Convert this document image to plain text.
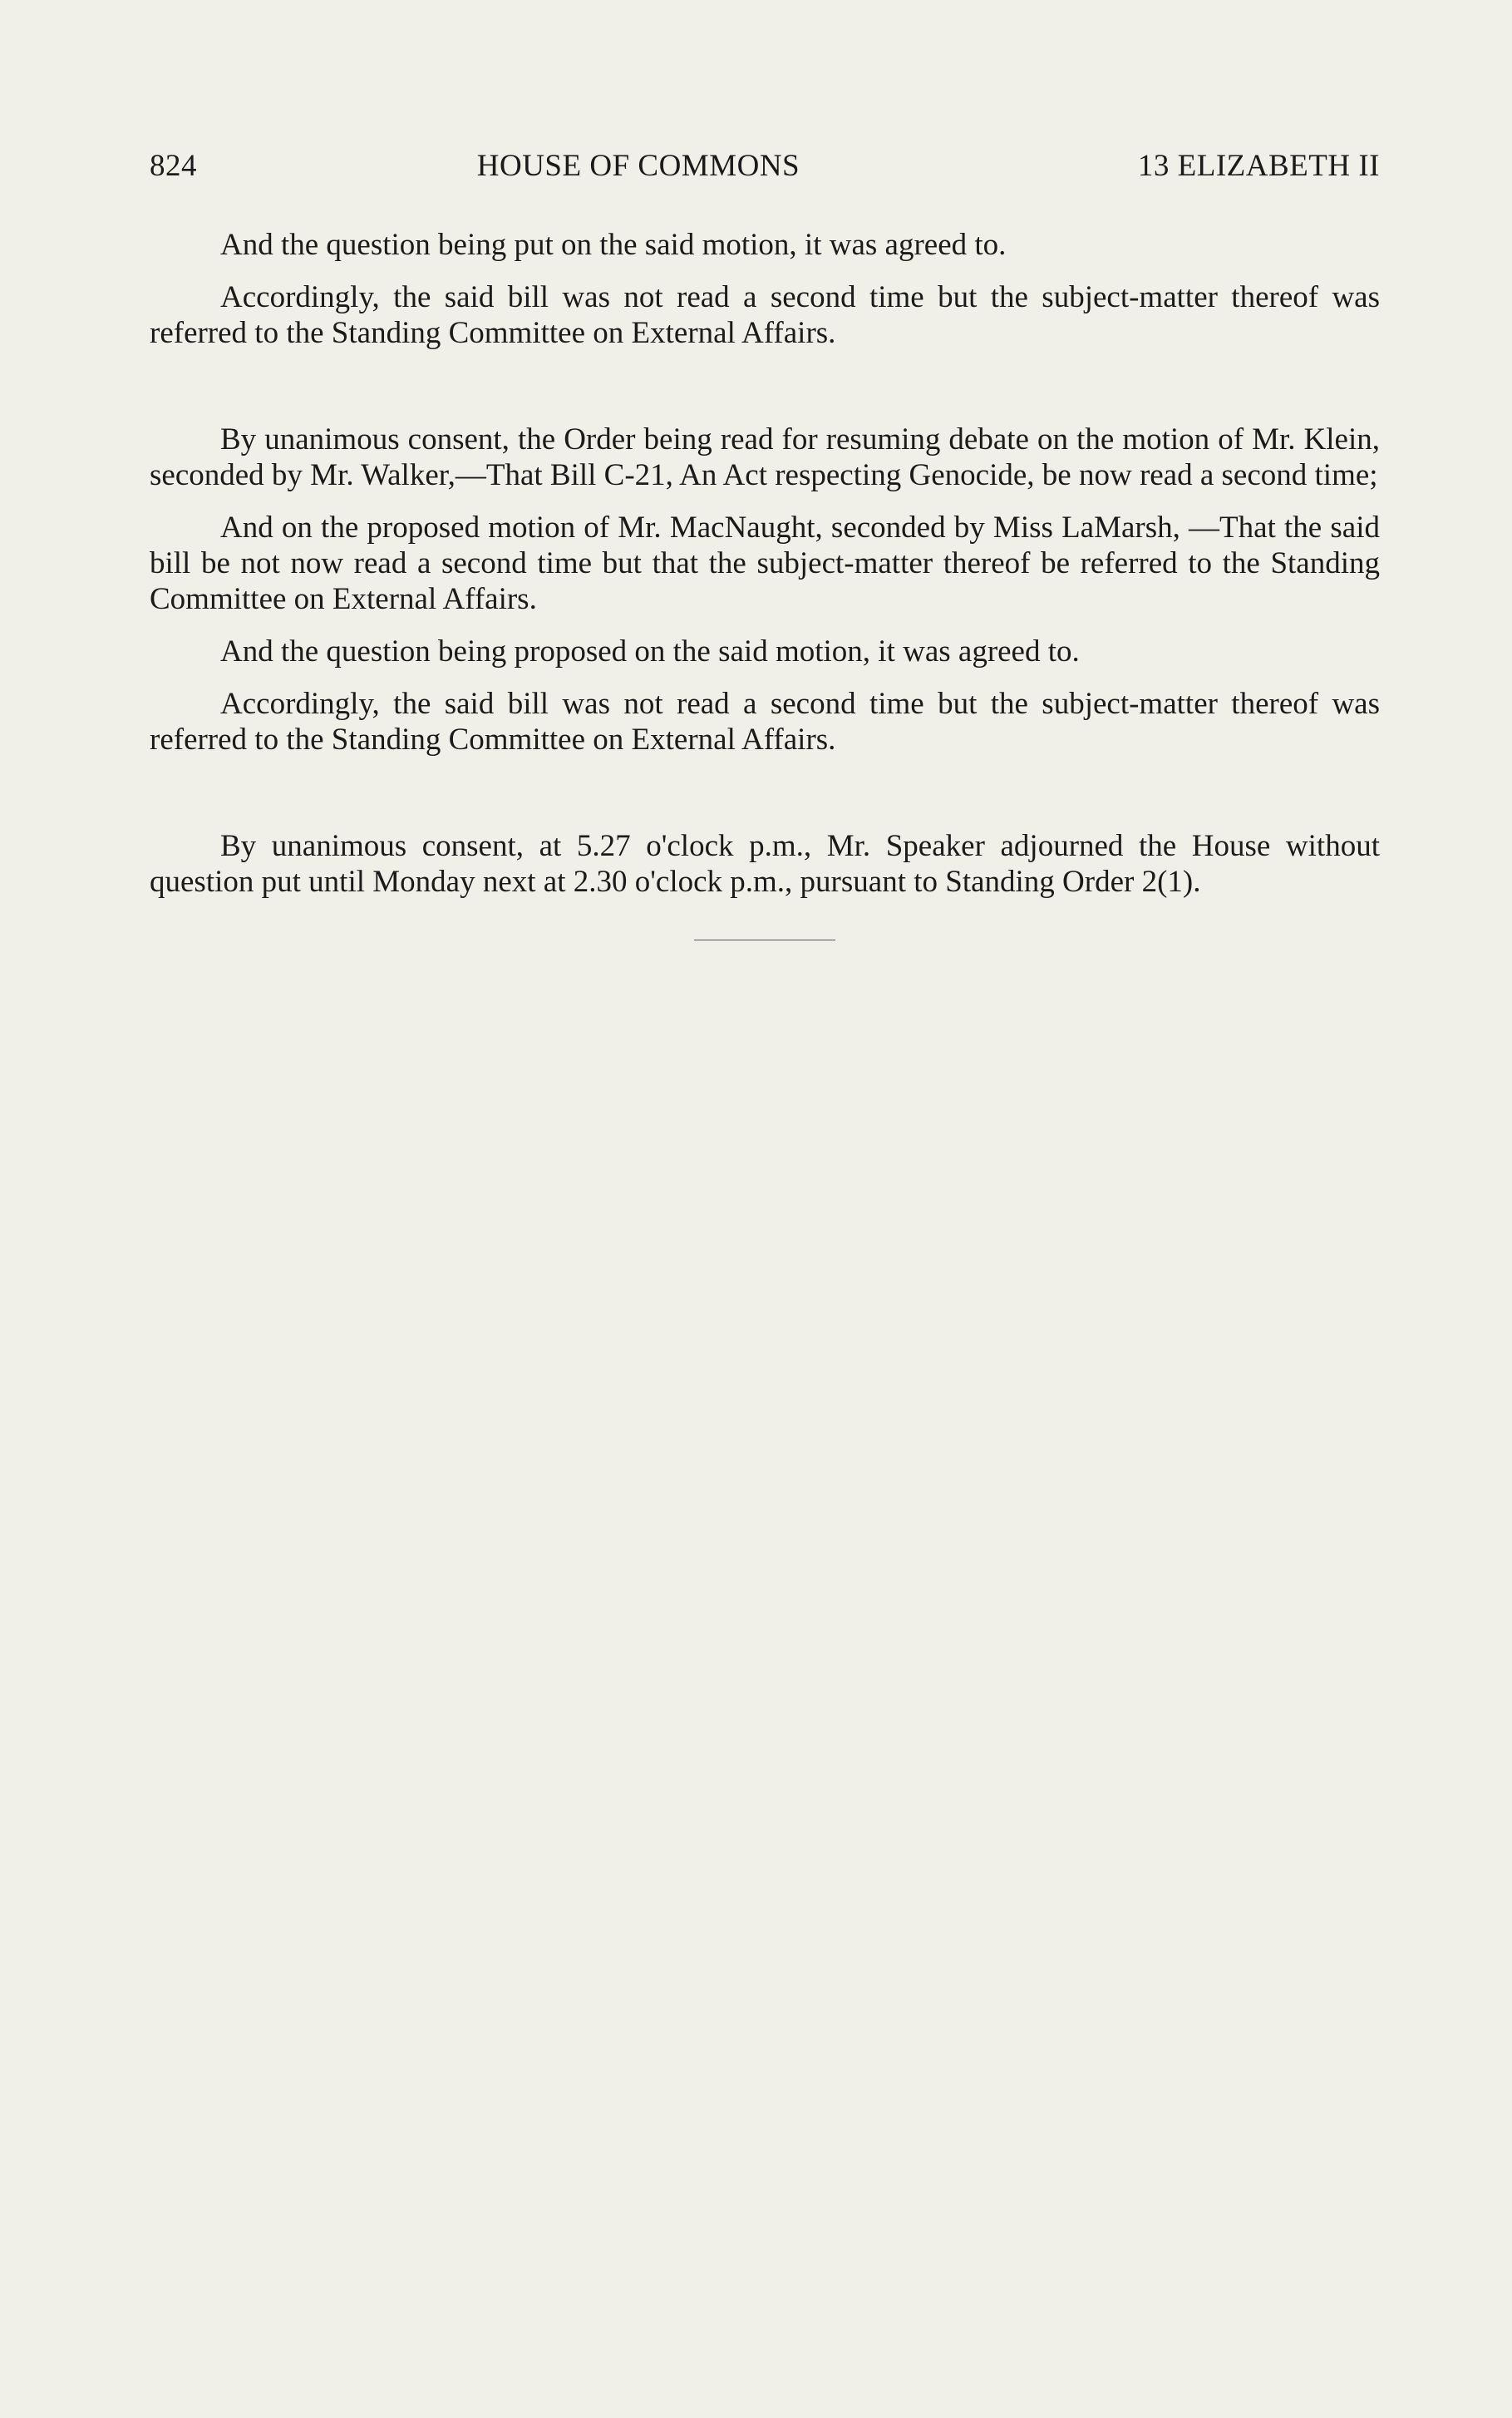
824	HOUSE OF COMMONS	13 ELIZABETH II

And the question being put on the said motion, it was agreed to.

Accordingly, the said bill was not read a second time but the subject-matter thereof was referred to the Standing Committee on External Affairs.

By unanimous consent, the Order being read for resuming debate on the motion of Mr. Klein, seconded by Mr. Walker,—That Bill C-21, An Act respecting Genocide, be now read a second time;

And on the proposed motion of Mr. MacNaught, seconded by Miss LaMarsh, —That the said bill be not now read a second time but that the subject-matter thereof be referred to the Standing Committee on External Affairs.

And the question being proposed on the said motion, it was agreed to.

Accordingly, the said bill was not read a second time but the subject-matter thereof was referred to the Standing Committee on External Affairs.

By unanimous consent, at 5.27 o'clock p.m., Mr. Speaker adjourned the House without question put until Monday next at 2.30 o'clock p.m., pursuant to Standing Order 2(1).
